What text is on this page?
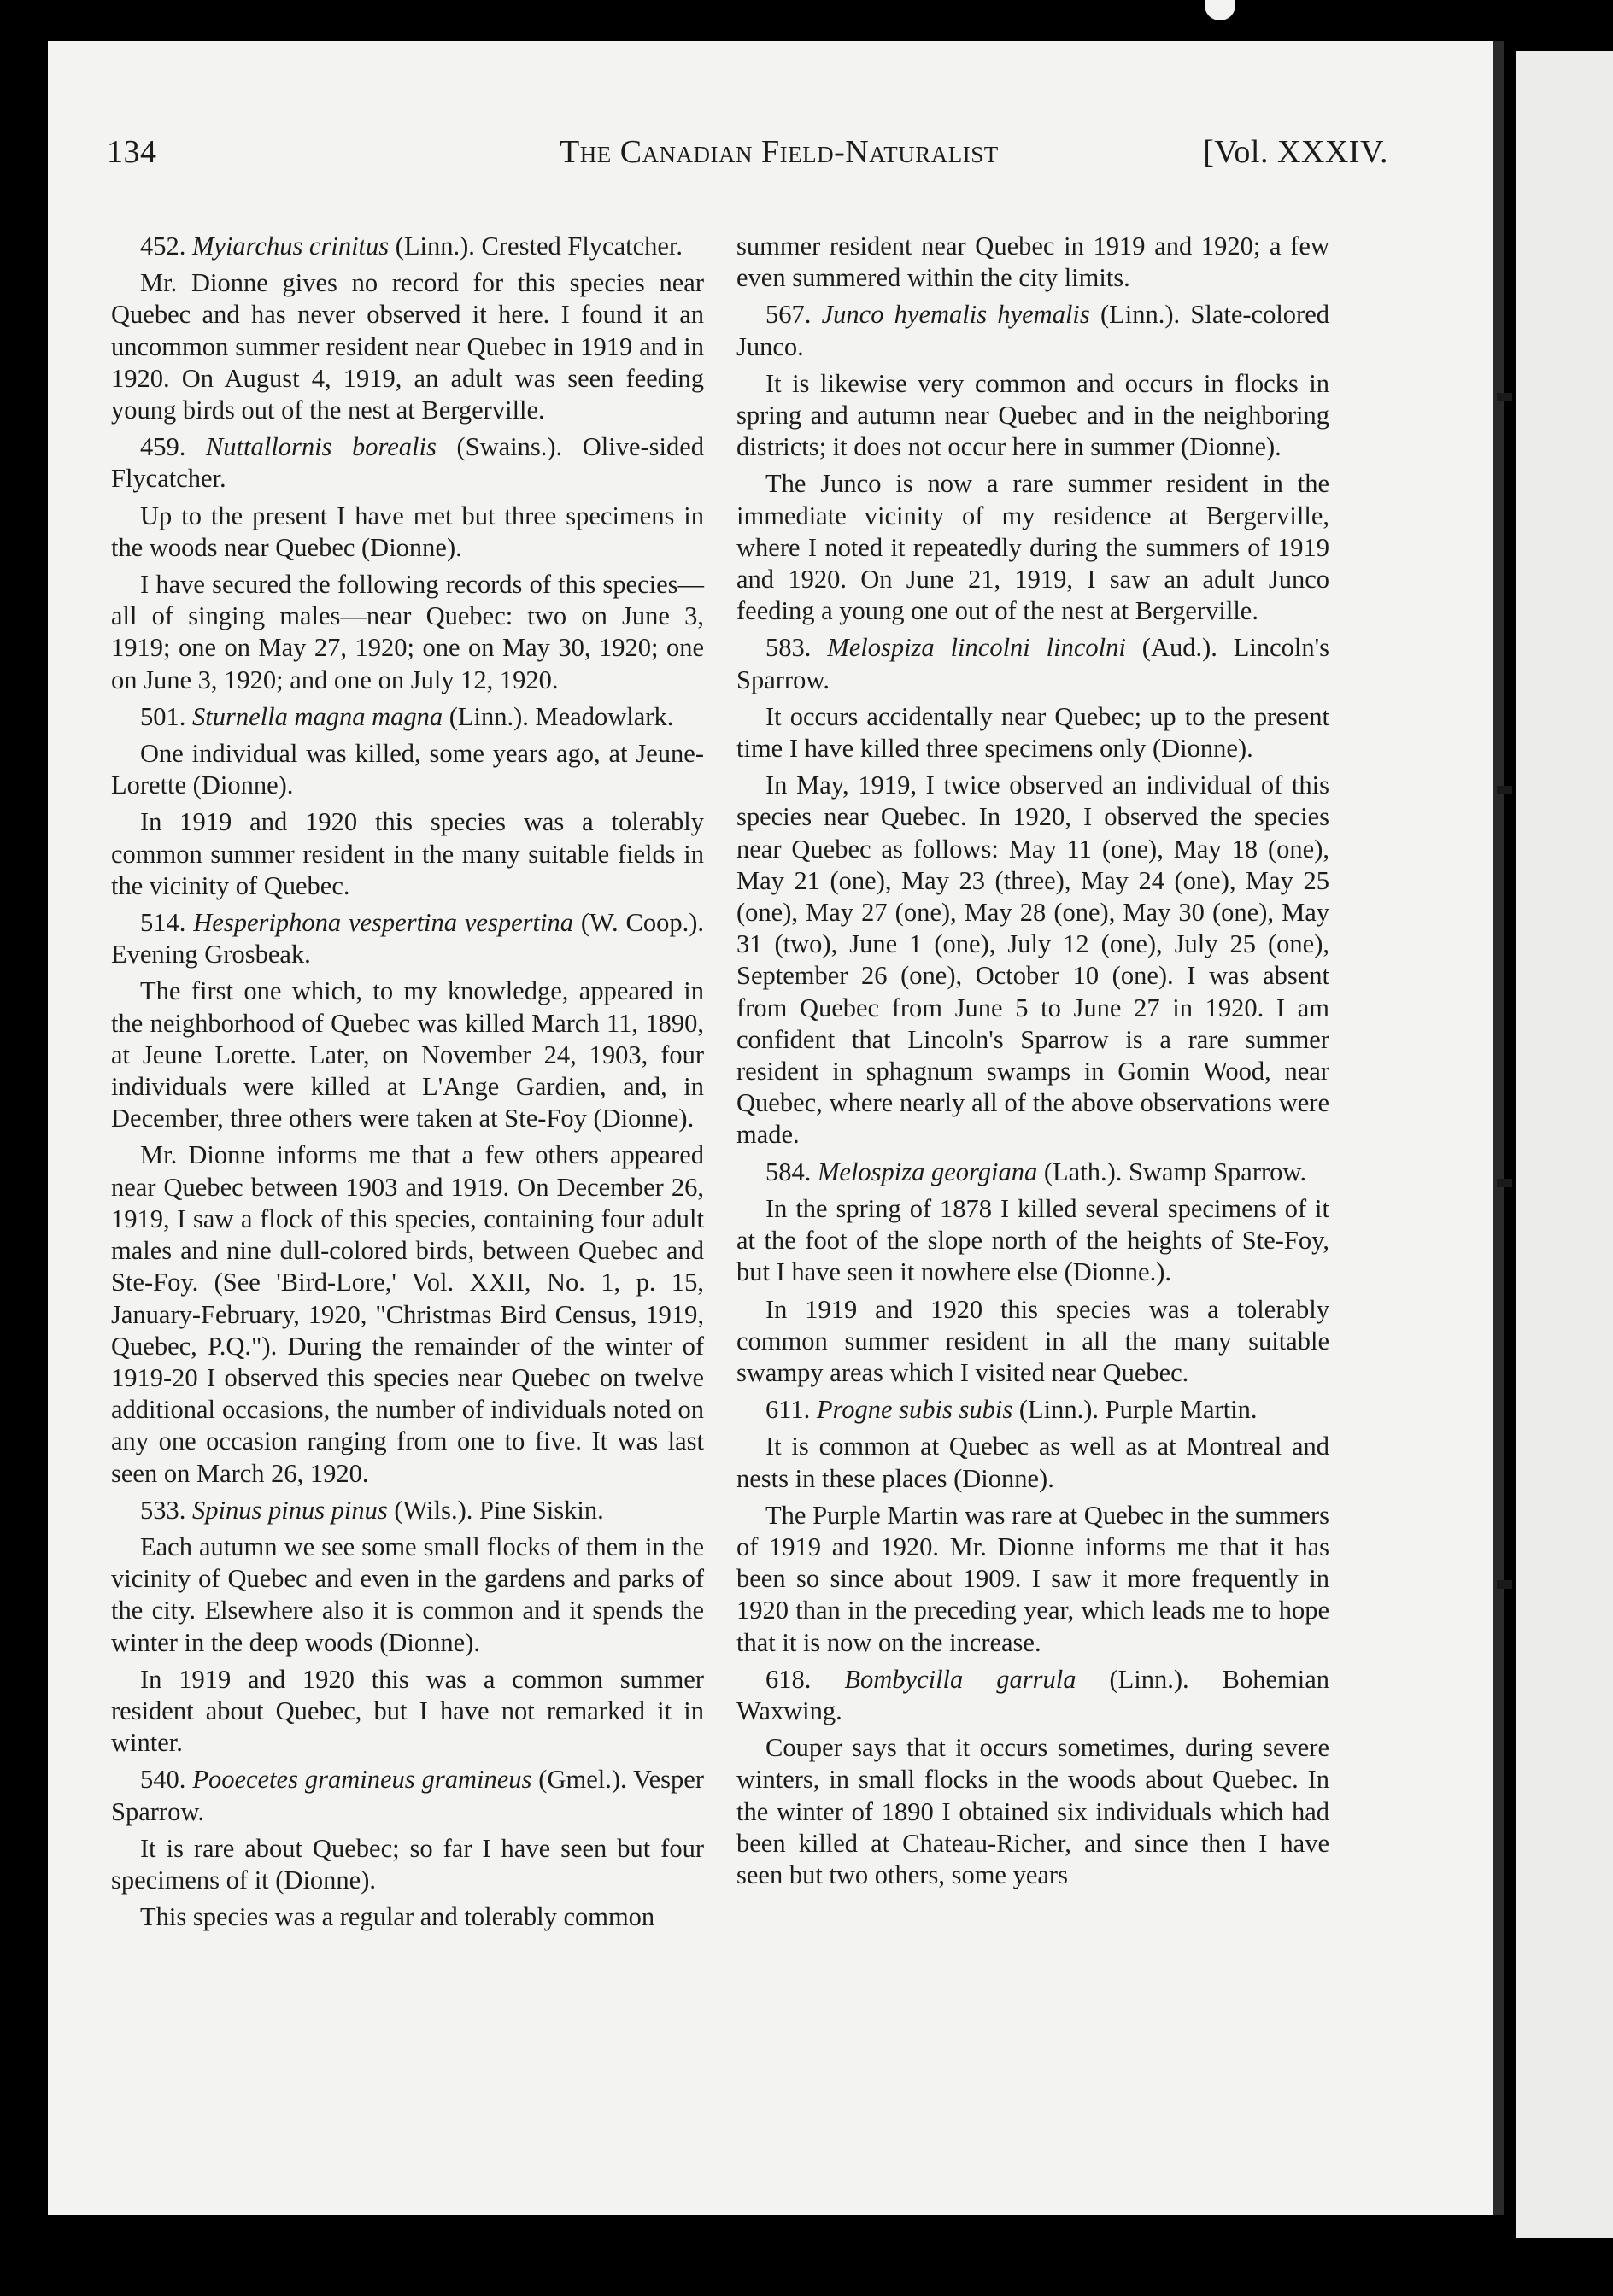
134	The Canadian Field-Naturalist	[Vol. XXXIV.

452. Myiarchus crinitus (Linn.). Crested Flycatcher.

Mr. Dionne gives no record for this species near Quebec and has never observed it here. I found it an uncommon summer resident near Quebec in 1919 and in 1920. On August 4, 1919, an adult was seen feeding young birds out of the nest at Bergerville.

459. Nuttallornis borealis (Swains.). Olive-sided Flycatcher.

Up to the present I have met but three specimens in the woods near Quebec (Dionne).

I have secured the following records of this species—all of singing males—near Quebec: two on June 3, 1919; one on May 27, 1920; one on May 30, 1920; one on June 3, 1920; and one on July 12, 1920.

501. Sturnella magna magna (Linn.). Meadowlark.

One individual was killed, some years ago, at Jeune-Lorette (Dionne).

In 1919 and 1920 this species was a tolerably common summer resident in the many suitable fields in the vicinity of Quebec.

514. Hesperiphona vespertina vespertina (W. Coop.). Evening Grosbeak.

The first one which, to my knowledge, appeared in the neighborhood of Quebec was killed March 11, 1890, at Jeune Lorette. Later, on November 24, 1903, four individuals were killed at L'Ange Gardien, and, in December, three others were taken at Ste-Foy (Dionne).

Mr. Dionne informs me that a few others appeared near Quebec between 1903 and 1919. On December 26, 1919, I saw a flock of this species, containing four adult males and nine dull-colored birds, between Quebec and Ste-Foy. (See 'Bird-Lore,' Vol. XXII, No. 1, p. 15, January-February, 1920, "Christmas Bird Census, 1919, Quebec, P.Q."). During the remainder of the winter of 1919-20 I observed this species near Quebec on twelve additional occasions, the number of individuals noted on any one occasion ranging from one to five. It was last seen on March 26, 1920.

533. Spinus pinus pinus (Wils.). Pine Siskin.

Each autumn we see some small flocks of them in the vicinity of Quebec and even in the gardens and parks of the city. Elsewhere also it is common and it spends the winter in the deep woods (Dionne).

In 1919 and 1920 this was a common summer resident about Quebec, but I have not remarked it in winter.

540. Pooecetes gramineus gramineus (Gmel.). Vesper Sparrow.

It is rare about Quebec; so far I have seen but four specimens of it (Dionne).

This species was a regular and tolerably common

summer resident near Quebec in 1919 and 1920; a few even summered within the city limits.

567. Junco hyemalis hyemalis (Linn.). Slate-colored Junco.

It is likewise very common and occurs in flocks in spring and autumn near Quebec and in the neighboring districts; it does not occur here in summer (Dionne).

The Junco is now a rare summer resident in the immediate vicinity of my residence at Bergerville, where I noted it repeatedly during the summers of 1919 and 1920. On June 21, 1919, I saw an adult Junco feeding a young one out of the nest at Bergerville.

583. Melospiza lincolni lincolni (Aud.). Lincoln's Sparrow.

It occurs accidentally near Quebec; up to the present time I have killed three specimens only (Dionne).

In May, 1919, I twice observed an individual of this species near Quebec. In 1920, I observed the species near Quebec as follows: May 11 (one), May 18 (one), May 21 (one), May 23 (three), May 24 (one), May 25 (one), May 27 (one), May 28 (one), May 30 (one), May 31 (two), June 1 (one), July 12 (one), July 25 (one), September 26 (one), October 10 (one). I was absent from Quebec from June 5 to June 27 in 1920. I am confident that Lincoln's Sparrow is a rare summer resident in sphagnum swamps in Gomin Wood, near Quebec, where nearly all of the above observations were made.

584. Melospiza georgiana (Lath.). Swamp Sparrow.

In the spring of 1878 I killed several specimens of it at the foot of the slope north of the heights of Ste-Foy, but I have seen it nowhere else (Dionne.).

In 1919 and 1920 this species was a tolerably common summer resident in all the many suitable swampy areas which I visited near Quebec.

611. Progne subis subis (Linn.). Purple Martin.

It is common at Quebec as well as at Montreal and nests in these places (Dionne).

The Purple Martin was rare at Quebec in the summers of 1919 and 1920. Mr. Dionne informs me that it has been so since about 1909. I saw it more frequently in 1920 than in the preceding year, which leads me to hope that it is now on the increase.

618. Bombycilla garrula (Linn.). Bohemian Waxwing.

Couper says that it occurs sometimes, during severe winters, in small flocks in the woods about Quebec. In the winter of 1890 I obtained six individuals which had been killed at Chateau-Richer, and since then I have seen but two others, some years
